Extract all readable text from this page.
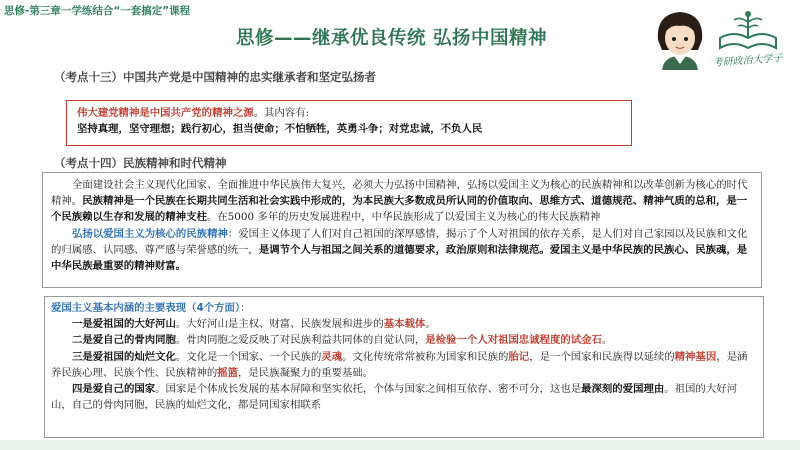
思修-第三章一学练结合“一套搞定”课程
思修——继承优良传统 弘扬中国精神
考研政治大学子
（考点十三）中国共产党是中国精神的忠实继承者和坚定弘扬者
伟大建党精神是中国共产党的精神之源。其内容有:
坚持真理，坚守理想；践行初心，担当使命；不怕牺牲，英勇斗争；对党忠诚，不负人民
（考点十四）民族精神和时代精神
全面建设社会主义现代化国家、全面推进中华民族伟大复兴，必须大力弘扬中国精神，弘扬以爱国主义为核心的民族精神和以改革创新为核心的时代精神。民族精神是一个民族在长期共同生活和社会实践中形成的，为本民族大多数成员所认同的价值取向、思维方式、道德规范、精神气质的总和，是一个民族赖以生存和发展的精神支柱。在5000 多年的历史发展进程中，中华民族形成了以爱国主义为核心的伟大民族精神
弘扬以爱国主义为核心的民族精神：爱国主义体现了人们对自己祖国的深厚感情，揭示了个人对祖国的依存关系，是人们对自己家园以及民族和文化的归属感、认同感、尊严感与荣誉感的统一，是调节个人与祖国之间关系的道德要求，政治原则和法律规范。爱国主义是中华民族的民族心、民族魂，是中华民族最重要的精神财富。
爱国主义基本内涵的主要表现（4个方面）：
一是爱祖国的大好河山。大好河山是主权、财富、民族发展和进步的基本载体。
二是爱自己的骨肉同胞。骨肉同胞之爱反映了对民族利益共同体的自觉认同，是检验一个人对祖国忠诚程度的试金石。
三是爱祖国的灿烂文化。文化是一个国家、一个民族的灵魂。文化传统常常被称为国家和民族的胎记，是一个国家和民族得以延续的精神基因，是涵养民族心理、民族个性、民族精神的摇篮，是民族凝聚力的重要基础。
四是爱自己的国家。国家是个体成长发展的基本屏障和坚实依托，个体与国家之间相互依存、密不可分，这也是最深刻的爱国理由。祖国的大好河山，自己的骨肉同胞，民族的灿烂文化，都是同国家相联系
